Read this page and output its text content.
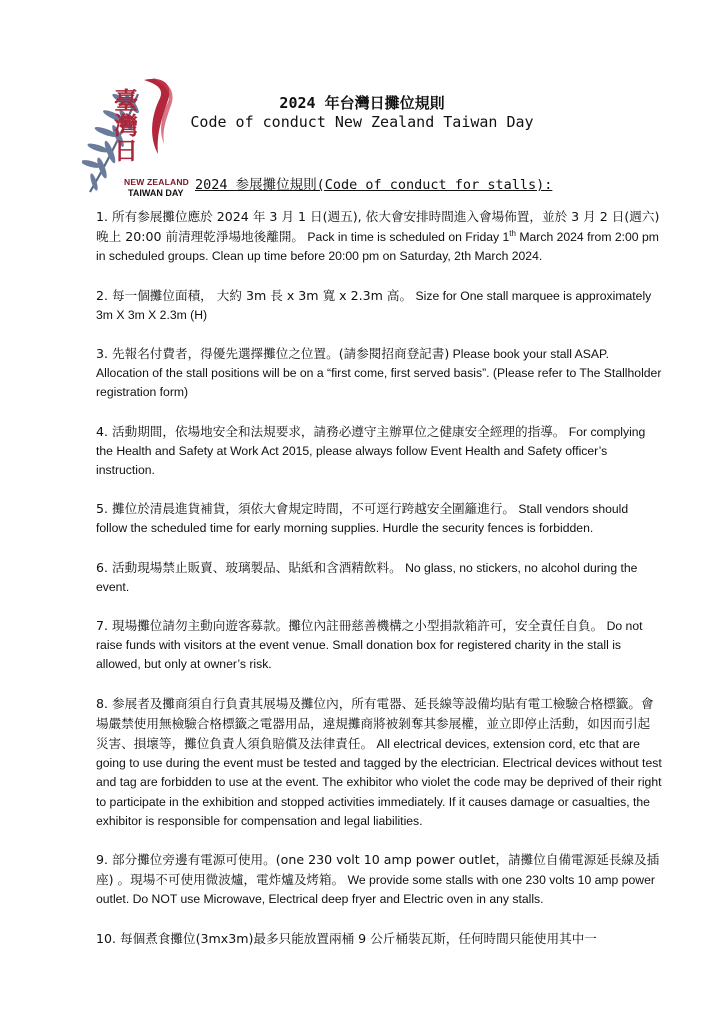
臺
灣
日
NEW ZEALAND
TAIWAN DAY
2024 年台灣日攤位規則
Code of conduct New Zealand Taiwan Day
2024 参展攤位規則(Code of conduct for stalls):

1. 所有参展攤位應於 2024 年 3 月 1 日(週五), 依大會安排時間進入會場佈置，並於 3 月 2 日(週六) 晚上 20:00 前清理乾淨場地後離開。 Pack in time is scheduled on Friday 1th March 2024 from 2:00 pm in scheduled groups. Clean up time before 20:00 pm on Saturday, 2th March 2024.

2. 每一個攤位面積， 大約 3m 長 x 3m 寬 x 2.3m 高。 Size for One stall marquee is approximately 3m X 3m X 2.3m (H)

3. 先報名付費者，得優先選擇攤位之位置。(請参閱招商登記書) Please book your stall ASAP. Allocation of the stall positions will be on a “first come, first served basis”. (Please refer to The Stallholder registration form)

4. 活動期間，依場地安全和法規要求，請務必遵守主辦單位之健康安全經理的指導。 For complying the Health and Safety at Work Act 2015, please always follow Event Health and Safety officer’s instruction.

5. 攤位於清晨進貨補貨，須依大會規定時間，不可逕行跨越安全圍籬進行。 Stall vendors should follow the scheduled time for early morning supplies. Hurdle the security fences is forbidden.

6. 活動現場禁止販賣、玻璃製品、貼紙和含酒精飲料。 No glass, no stickers, no alcohol during the event.

7. 現場攤位請勿主動向遊客募款。攤位內註冊慈善機構之小型捐款箱許可，安全責任自負。 Do not raise funds with visitors at the event venue. Small donation box for registered charity in the stall is allowed, but only at owner’s risk.

8. 参展者及攤商須自行負責其展場及攤位內，所有電器、延長線等設備均貼有電工檢驗合格標籤。會場嚴禁使用無檢驗合格標籤之電器用品，違規攤商將被剝奪其参展權，並立即停止活動，如因而引起災害、損壞等，攤位負責人須負賠償及法律責任。 All electrical devices, extension cord, etc that are going to use during the event must be tested and tagged by the electrician. Electrical devices without test and tag are forbidden to use at the event. The exhibitor who violet the code may be deprived of their right to participate in the exhibition and stopped activities immediately. If it causes damage or casualties, the exhibitor is responsible for compensation and legal liabilities.

9. 部分攤位旁邊有電源可使用。(one 230 volt 10 amp power outlet，請攤位自備電源延長線及插座) 。現場不可使用微波爐，電炸爐及烤箱。 We provide some stalls with one 230 volts 10 amp power outlet. Do NOT use Microwave, Electrical deep fryer and Electric oven in any stalls.

10. 每個煮食攤位(3mx3m)最多只能放置兩桶 9 公斤桶裝瓦斯，任何時間只能使用其中一
